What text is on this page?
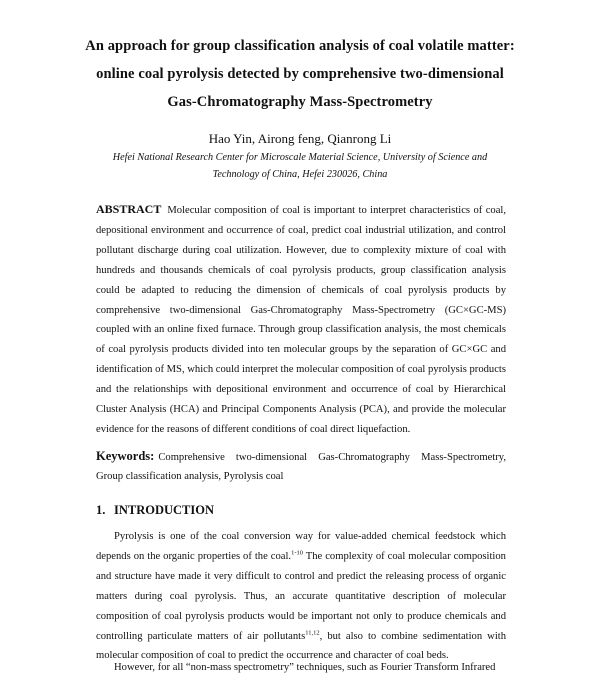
An approach for group classification analysis of coal volatile matter:
online coal pyrolysis detected by comprehensive two-dimensional
Gas-Chromatography Mass-Spectrometry
Hao Yin, Airong feng, Qianrong Li
Hefei National Research Center for Microscale Material Science, University of Science and
Technology of China, Hefei 230026, China
ABSTRACT Molecular composition of coal is important to interpret characteristics of coal, depositional environment and occurrence of coal, predict coal industrial utilization, and control pollutant discharge during coal utilization. However, due to complexity mixture of coal with hundreds and thousands chemicals of coal pyrolysis products, group classification analysis could be adapted to reducing the dimension of chemicals of coal pyrolysis products by comprehensive two-dimensional Gas-Chromatography Mass-Spectrometry (GC×GC-MS) coupled with an online fixed furnace. Through group classification analysis, the most chemicals of coal pyrolysis products divided into ten molecular groups by the separation of GC×GC and identification of MS, which could interpret the molecular composition of coal pyrolysis products and the relationships with depositional environment and occurrence of coal by Hierarchical Cluster Analysis (HCA) and Principal Components Analysis (PCA), and provide the molecular evidence for the reasons of different conditions of coal direct liquefaction.
Keywords: Comprehensive two-dimensional Gas-Chromatography Mass-Spectrometry, Group classification analysis, Pyrolysis coal
1. INTRODUCTION
Pyrolysis is one of the coal conversion way for value-added chemical feedstock which depends on the organic properties of the coal.$^{1-10}$ The complexity of coal molecular composition and structure have made it very difficult to control and predict the releasing process of organic matters during coal pyrolysis. Thus, an accurate quantitative description of molecular composition of coal pyrolysis products would be important not only to produce chemicals and controlling particulate matters of air pollutants$^{11,12}$, but also to combine sedimentation with molecular composition of coal to predict the occurrence and character of coal beds.
However, for all “non-mass spectrometry” techniques, such as Fourier Transform Infrared
